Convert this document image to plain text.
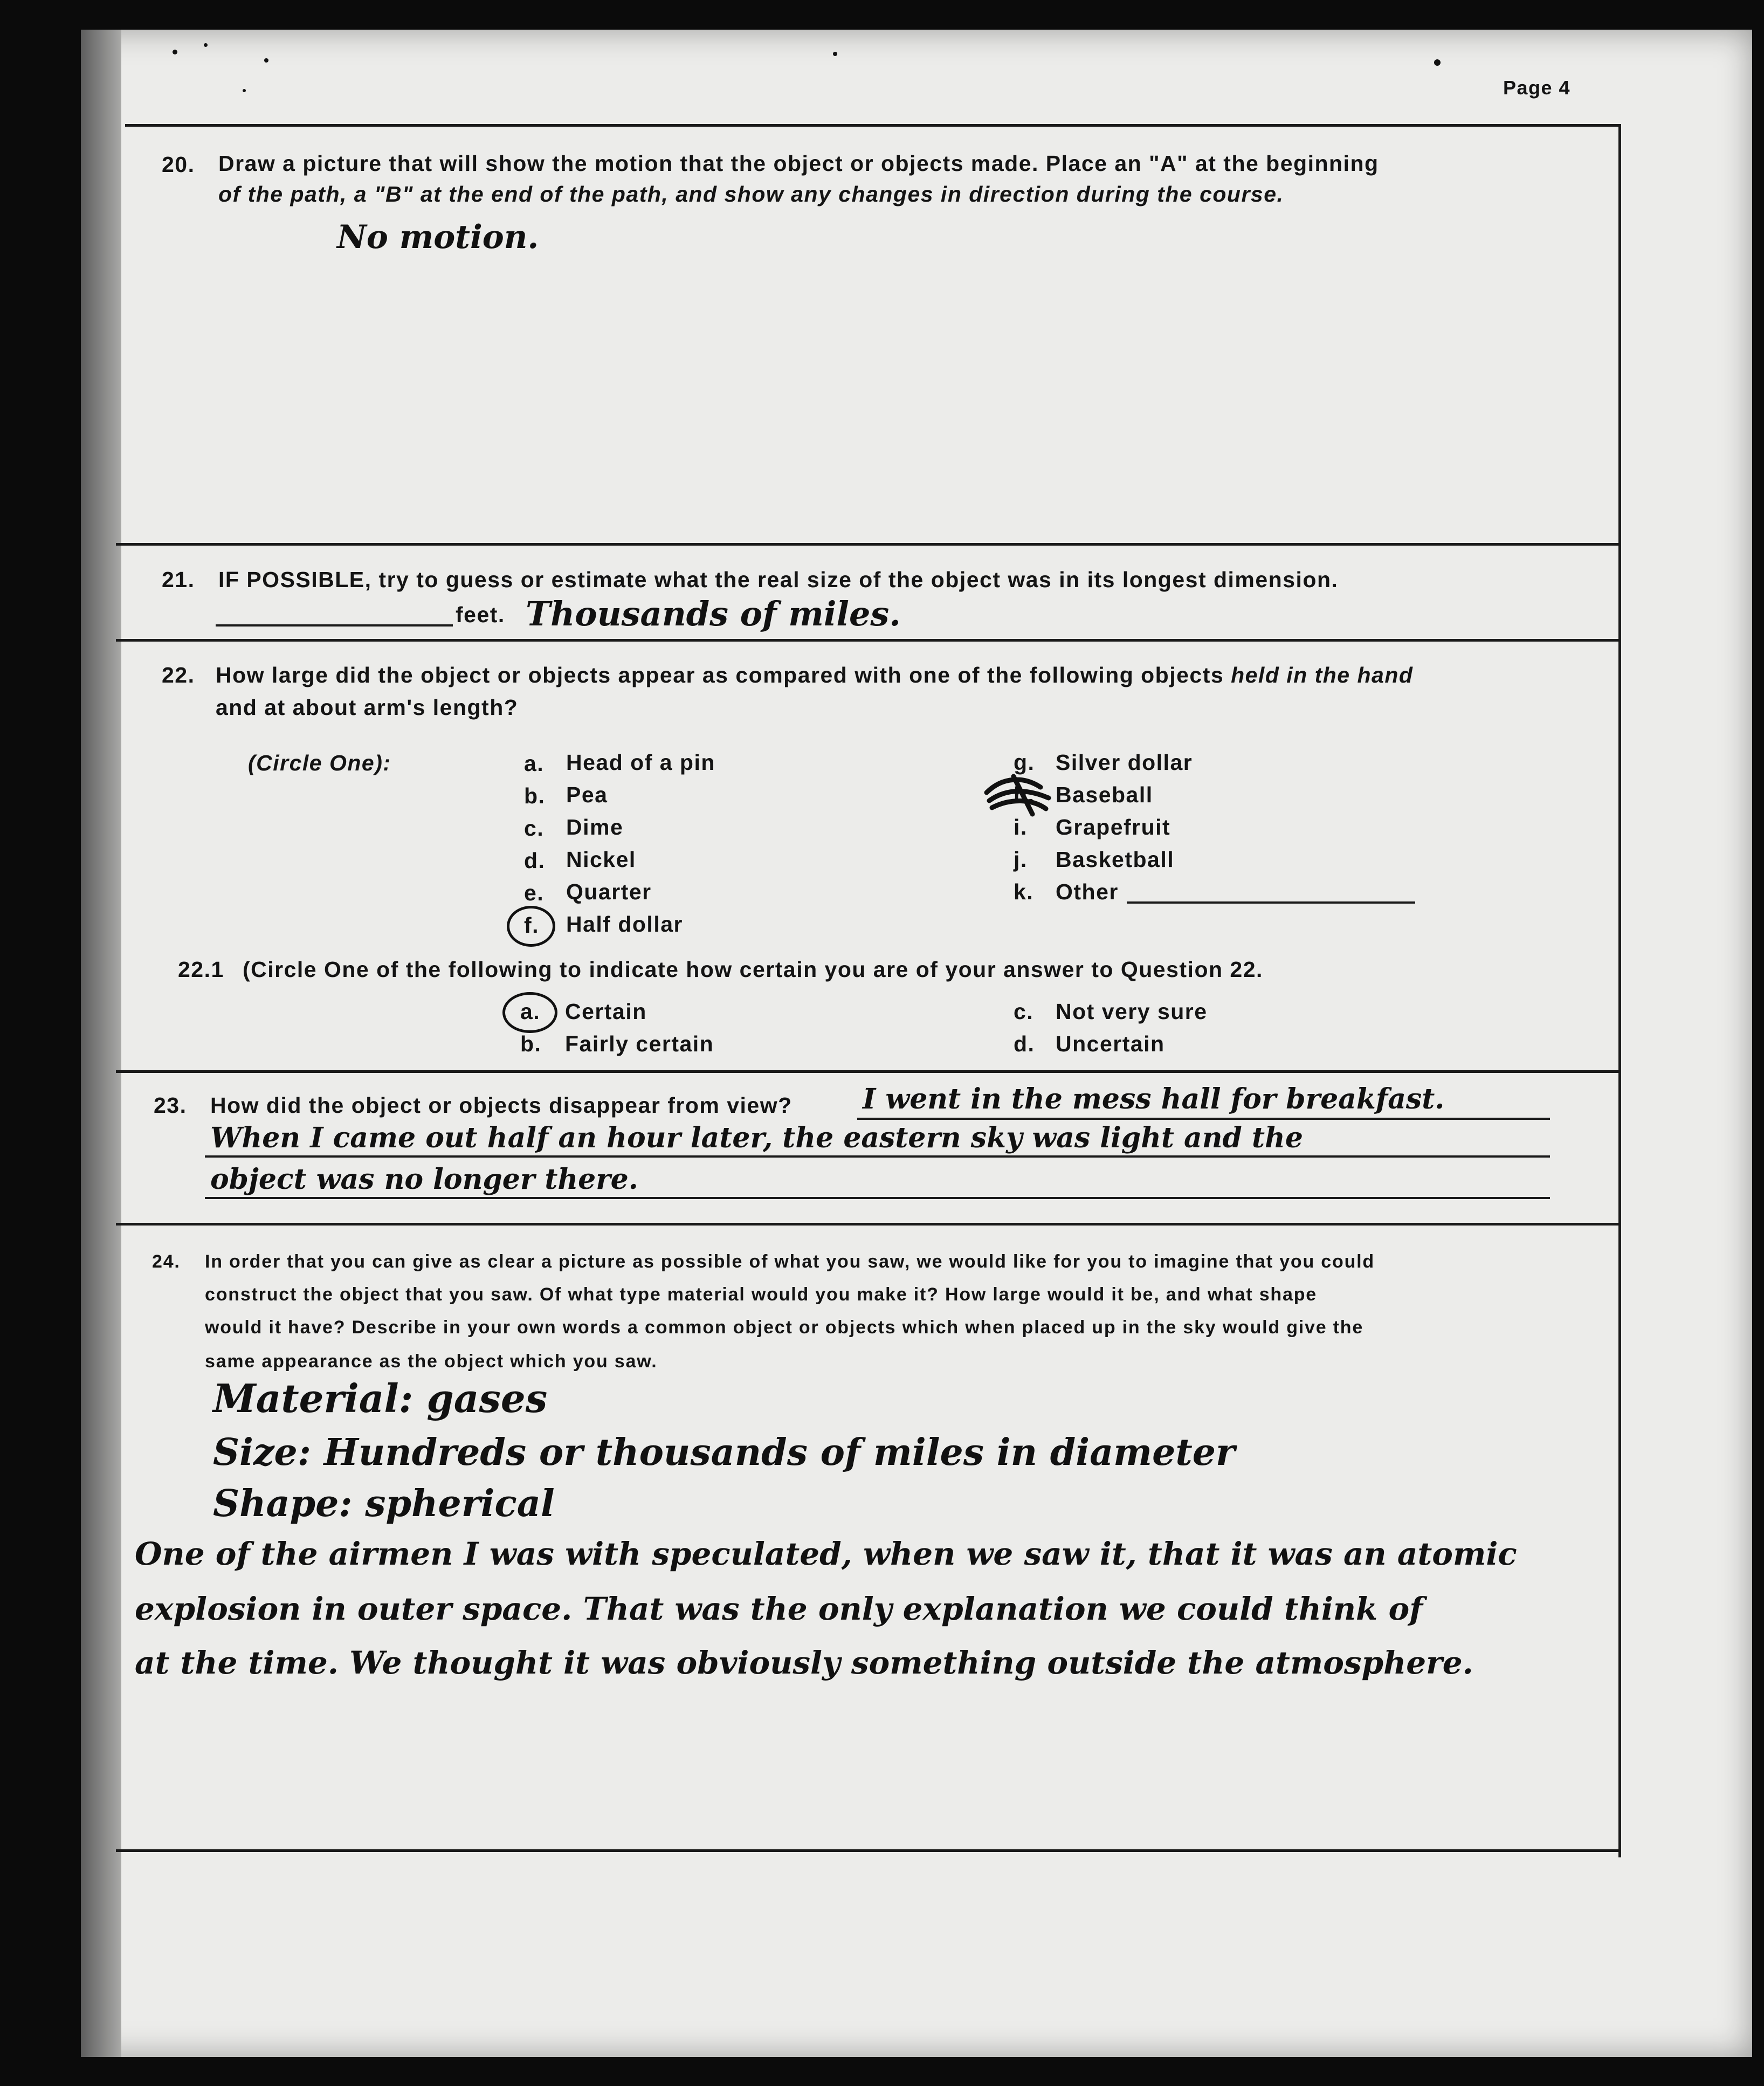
Page 4
20. Draw a picture that will show the motion that the object or objects made. Place an "A" at the beginning
of the path, a "B" at the end of the path, and show any changes in direction during the course.
No motion.
21. IF POSSIBLE, try to guess or estimate what the real size of the object was in its longest dimension.
feet. Thousands of miles.
22. How large did the object or objects appear as compared with one of the following objects held in the hand
and at about arm's length?
(Circle One):	a. Head of a pin
b. Pea
c. Dime
d. Nickel
e. Quarter
f. Half dollar
g. Silver dollar
h. Baseball
i. Grapefruit
j. Basketball
k. Other
22.1 (Circle One of the following to indicate how certain you are of your answer to Question 22.
a. Certain
b. Fairly certain
c. Not very sure
d. Uncertain
23. How did the object or objects disappear from view?	I went in the mess hall for breakfast.
When I came out half an hour later, the eastern sky was light and the
object was no longer there.
24. In order that you can give as clear a picture as possible of what you saw, we would like for you to imagine that you could
construct the object that you saw. Of what type material would you make it? How large would it be, and what shape
would it have? Describe in your own words a common object or objects which when placed up in the sky would give the
same appearance as the object which you saw.
Material: gases
Size: Hundreds or thousands of miles in diameter
Shape: spherical
One of the airmen I was with speculated, when we saw it, that it was an atomic
explosion in outer space. That was the only explanation we could think of
at the time. We thought it was obviously something outside the atmosphere.
